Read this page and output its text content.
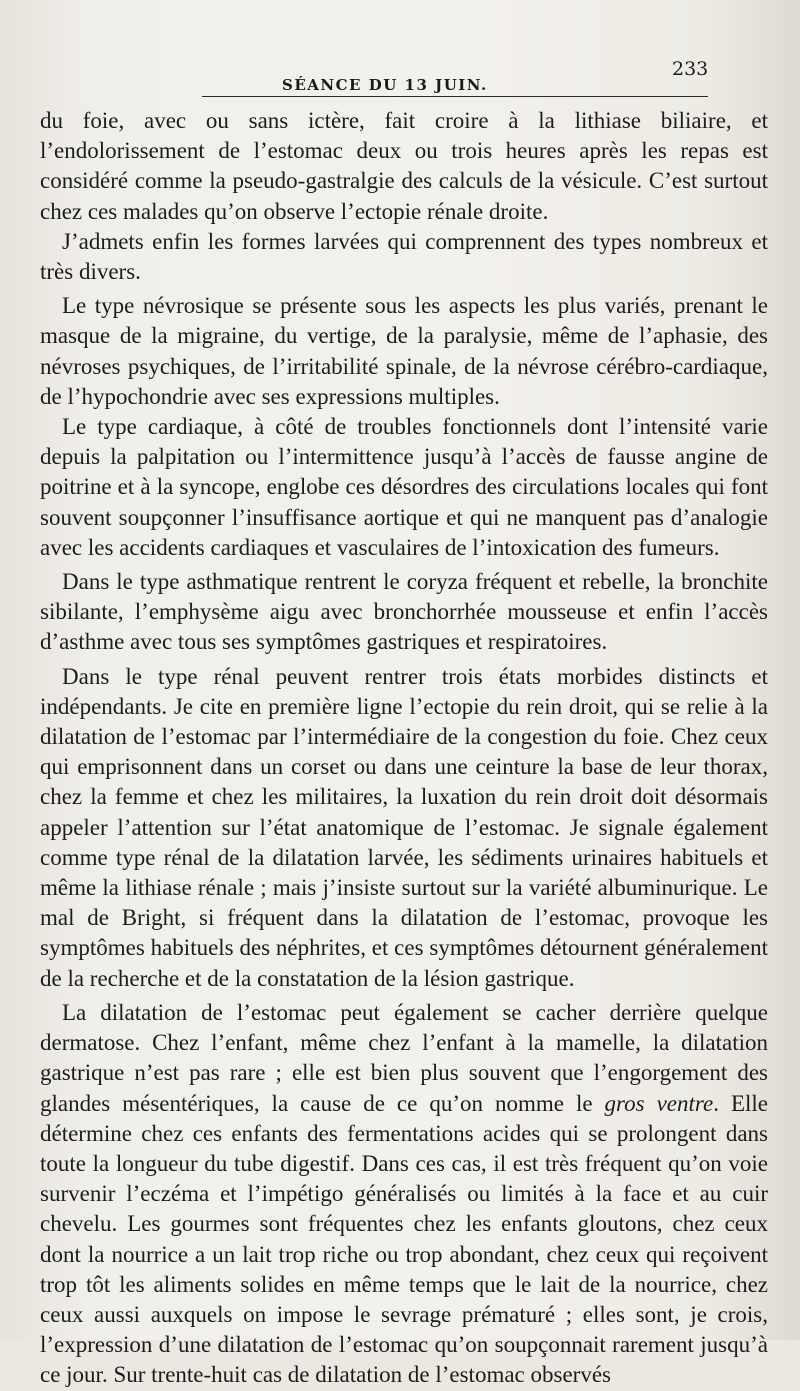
SÉANCE DU 13 JUIN.
233

du foie, avec ou sans ictère, fait croire à la lithiase biliaire, et l’endolorissement de l’estomac deux ou trois heures après les repas est considéré comme la pseudo-gastralgie des calculs de la vésicule. C’est surtout chez ces malades qu’on observe l’ectopie rénale droite.

J’admets enfin les formes larvées qui comprennent des types nombreux et très divers.

Le type névrosique se présente sous les aspects les plus variés, prenant le masque de la migraine, du vertige, de la paralysie, même de l’aphasie, des névroses psychiques, de l’irritabilité spinale, de la névrose cérébro-cardiaque, de l’hypochondrie avec ses expressions multiples.

Le type cardiaque, à côté de troubles fonctionnels dont l’intensité varie depuis la palpitation ou l’intermittence jusqu’à l’accès de fausse angine de poitrine et à la syncope, englobe ces désordres des circulations locales qui font souvent soupçonner l’insuffisance aortique et qui ne manquent pas d’analogie avec les accidents cardiaques et vasculaires de l’intoxication des fumeurs.

Dans le type asthmatique rentrent le coryza fréquent et rebelle, la bronchite sibilante, l’emphysème aigu avec bronchorrhée mousseuse et enfin l’accès d’asthme avec tous ses symptômes gastriques et respiratoires.

Dans le type rénal peuvent rentrer trois états morbides distincts et indépendants. Je cite en première ligne l’ectopie du rein droit, qui se relie à la dilatation de l’estomac par l’intermédiaire de la congestion du foie. Chez ceux qui emprisonnent dans un corset ou dans une ceinture la base de leur thorax, chez la femme et chez les militaires, la luxation du rein droit doit désormais appeler l’attention sur l’état anatomique de l’estomac. Je signale également comme type rénal de la dilatation larvée, les sédiments urinaires habituels et même la lithiase rénale ; mais j’insiste surtout sur la variété albuminurique. Le mal de Bright, si fréquent dans la dilatation de l’estomac, provoque les symptômes habituels des néphrites, et ces symptômes détournent généralement de la recherche et de la constatation de la lésion gastrique.

La dilatation de l’estomac peut également se cacher derrière quelque dermatose. Chez l’enfant, même chez l’enfant à la mamelle, la dilatation gastrique n’est pas rare ; elle est bien plus souvent que l’engorgement des glandes mésentériques, la cause de ce qu’on nomme le gros ventre. Elle détermine chez ces enfants des fermentations acides qui se prolongent dans toute la longueur du tube digestif. Dans ces cas, il est très fréquent qu’on voie survenir l’eczéma et l’impétigo généralisés ou limités à la face et au cuir chevelu. Les gourmes sont fréquentes chez les enfants gloutons, chez ceux dont la nourrice a un lait trop riche ou trop abondant, chez ceux qui reçoivent trop tôt les aliments solides en même temps que le lait de la nourrice, chez ceux aussi auxquels on impose le sevrage prématuré ; elles sont, je crois, l’expression d’une dilatation de l’estomac qu’on soupçonnait rarement jusqu’à ce jour. Sur trente-huit cas de dilatation de l’estomac observés
